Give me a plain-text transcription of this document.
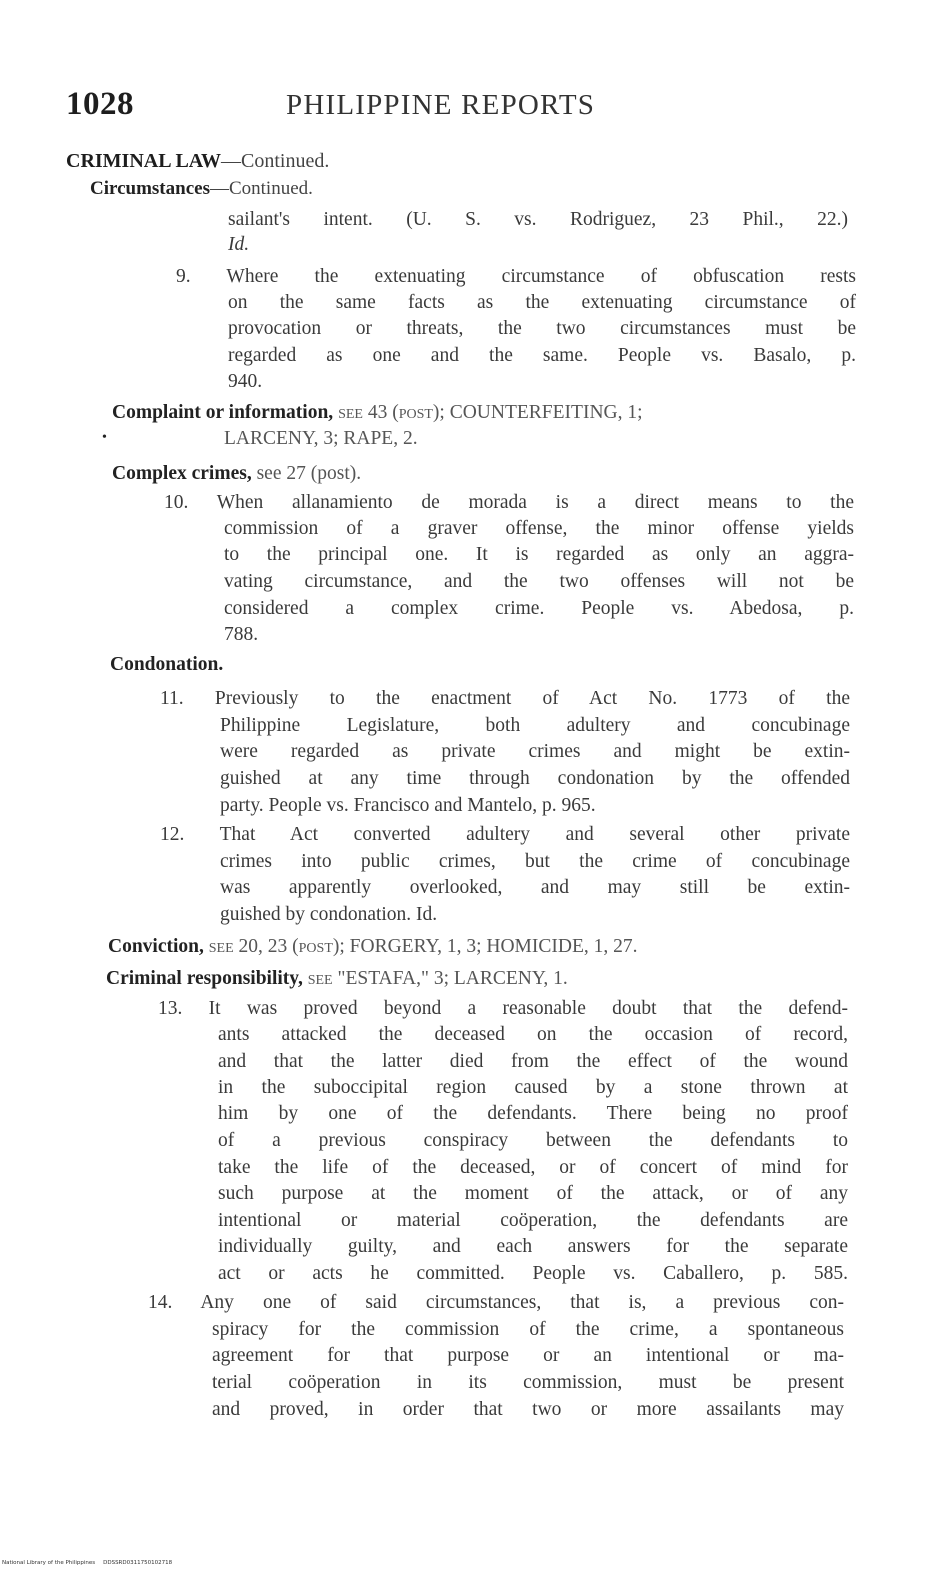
1028	PHILIPPINE REPORTS
CRIMINAL LAW—Continued.
Circumstances—Continued.
sailant's intent. (U. S. vs. Rodriguez, 23 Phil., 22.)
Id.
9. Where the extenuating circumstance of obfuscation rests
on the same facts as the extenuating circumstance of
provocation or threats, the two circumstances must be
regarded as one and the same. People vs. Basalo, p.
940.
Complaint or information, see 43 (post); COUNTERFEITING, 1;
•	LARCENY, 3; RAPE, 2.
Complex crimes, see 27 (post).
10. When allanamiento de morada is a direct means to the
commission of a graver offense, the minor offense yields
to the principal one. It is regarded as only an aggra-
vating circumstance, and the two offenses will not be
considered a complex crime. People vs. Abedosa, p.
788.
Condonation.
11. Previously to the enactment of Act No. 1773 of the
Philippine Legislature, both adultery and concubinage
were regarded as private crimes and might be extin-
guished at any time through condonation by the offended
party. People vs. Francisco and Mantelo, p. 965.
12. That Act converted adultery and several other private
crimes into public crimes, but the crime of concubinage
was apparently overlooked, and may still be extin-
guished by condonation. Id.
Conviction, see 20, 23 (post); FORGERY, 1, 3; HOMICIDE, 1, 27.
Criminal responsibility, see "ESTAFA," 3; LARCENY, 1.
13. It was proved beyond a reasonable doubt that the defend-
ants attacked the deceased on the occasion of record,
and that the latter died from the effect of the wound
in the suboccipital region caused by a stone thrown at
him by one of the defendants. There being no proof
of a previous conspiracy between the defendants to
take the life of the deceased, or of concert of mind for
such purpose at the moment of the attack, or of any
intentional or material coöperation, the defendants are
individually guilty, and each answers for the separate
act or acts he committed. People vs. Caballero, p. 585.
14. Any one of said circumstances, that is, a previous con-
spiracy for the commission of the crime, a spontaneous
agreement for that purpose or an intentional or ma-
terial coöperation in its commission, must be present
and proved, in order that two or more assailants may
National Library of the Philippines DDSSRD0311750102718
